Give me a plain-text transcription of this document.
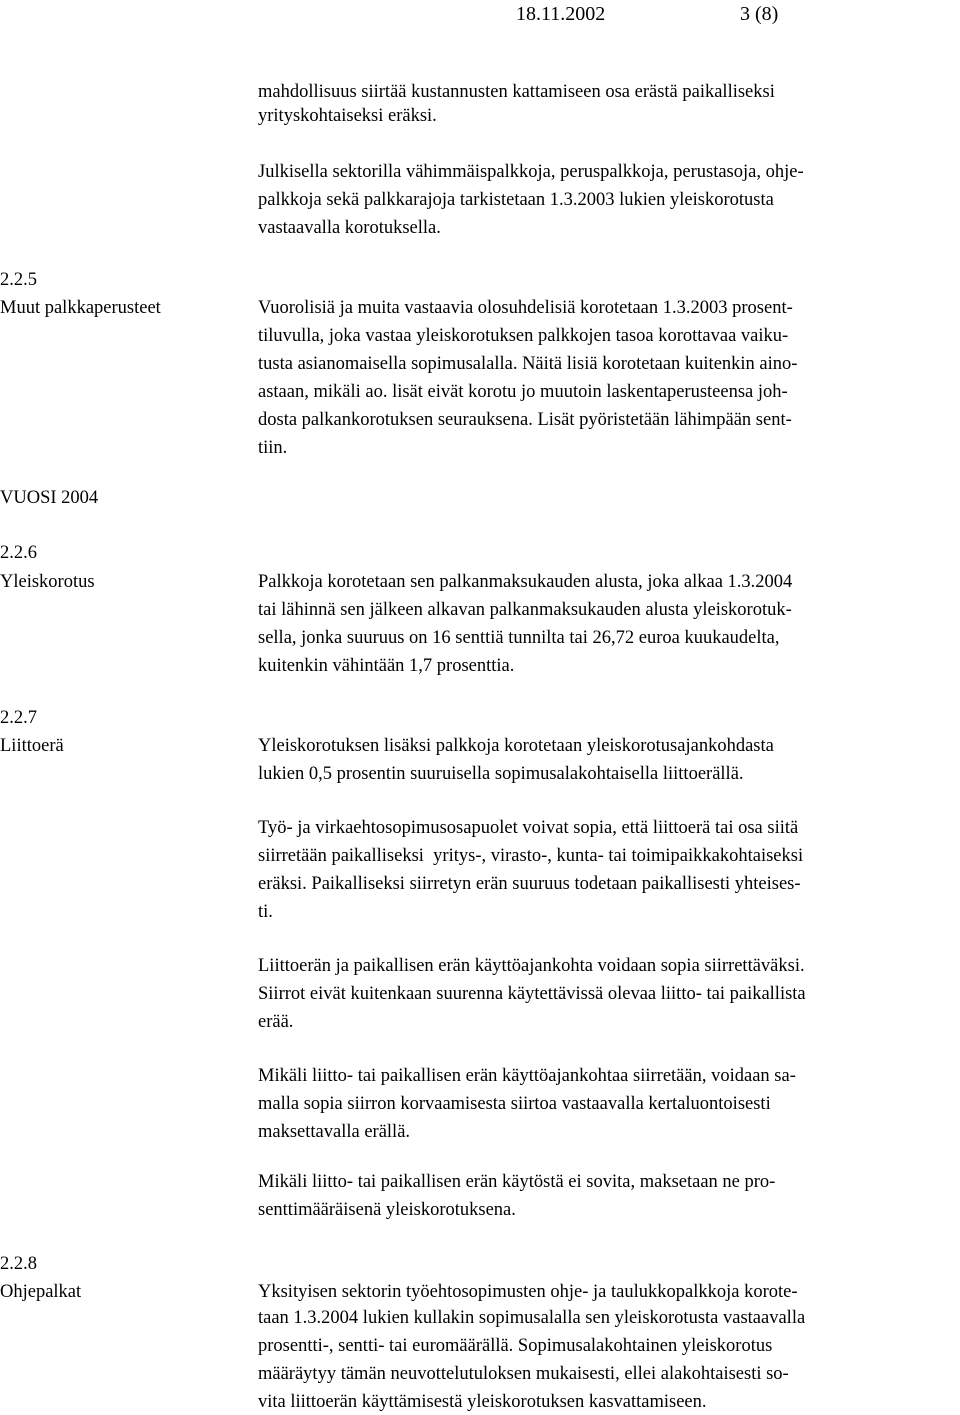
18.11.2002	3 (8)
2.2.5
Muut palkkaperusteet
VUOSI 2004
2.2.6
Yleiskorotus
2.2.7
Liittoerä
2.2.8
Ohjepalkat
mahdollisuus siirtää kustannusten kattamiseen osa erästä paikalliseksi
yrityskohtaiseksi eräksi.
Julkisella sektorilla vähimmäispalkkoja, peruspalkkoja, perustasoja, ohje-
palkkoja sekä palkkarajoja tarkistetaan 1.3.2003 lukien yleiskorotusta
vastaavalla korotuksella.
Vuorolisiä ja muita vastaavia olosuhdelisiä korotetaan 1.3.2003 prosent-
tiluvulla, joka vastaa yleiskorotuksen palkkojen tasoa korottavaa vaiku-
tusta asianomaisella sopimusalalla. Näitä lisiä korotetaan kuitenkin aino-
astaan, mikäli ao. lisät eivät korotu jo muutoin laskentaperusteensa joh-
dosta palkankorotuksen seurauksena. Lisät pyöristetään lähimpään sent-
tiin.
Palkkoja korotetaan sen palkanmaksukauden alusta, joka alkaa 1.3.2004
tai lähinnä sen jälkeen alkavan palkanmaksukauden alusta yleiskorotuk-
sella, jonka suuruus on 16 senttiä tunnilta tai 26,72 euroa kuukaudelta,
kuitenkin vähintään 1,7 prosenttia.
Yleiskorotuksen lisäksi palkkoja korotetaan yleiskorotusajankohdasta
lukien 0,5 prosentin suuruisella sopimusalakohtaisella liittoerällä.
Työ- ja virkaehtosopimusosapuolet voivat sopia, että liittoerä tai osa siitä
siirretään paikalliseksi  yritys-, virasto-, kunta- tai toimipaikkakohtaiseksi
eräksi. Paikalliseksi siirretyn erän suuruus todetaan paikallisesti yhteises-
ti.
Liittoerän ja paikallisen erän käyttöajankohta voidaan sopia siirrettäväksi.
Siirrot eivät kuitenkaan suurenna käytettävissä olevaa liitto- tai paikallista
erää.
Mikäli liitto- tai paikallisen erän käyttöajankohtaa siirretään, voidaan sa-
malla sopia siirron korvaamisesta siirtoa vastaavalla kertaluontoisesti
maksettavalla erällä.
Mikäli liitto- tai paikallisen erän käytöstä ei sovita, maksetaan ne pro-
senttimääräisenä yleiskorotuksena.
Yksityisen sektorin työehtosopimusten ohje- ja taulukkopalkkoja korote-
taan 1.3.2004 lukien kullakin sopimusalalla sen yleiskorotusta vastaavalla
prosentti-, sentti- tai euromäärällä. Sopimusalakohtainen yleiskorotus
määräytyy tämän neuvottelutuloksen mukaisesti, ellei alakohtaisesti so-
vita liittoerän käyttämisestä yleiskorotuksen kasvattamiseen.
